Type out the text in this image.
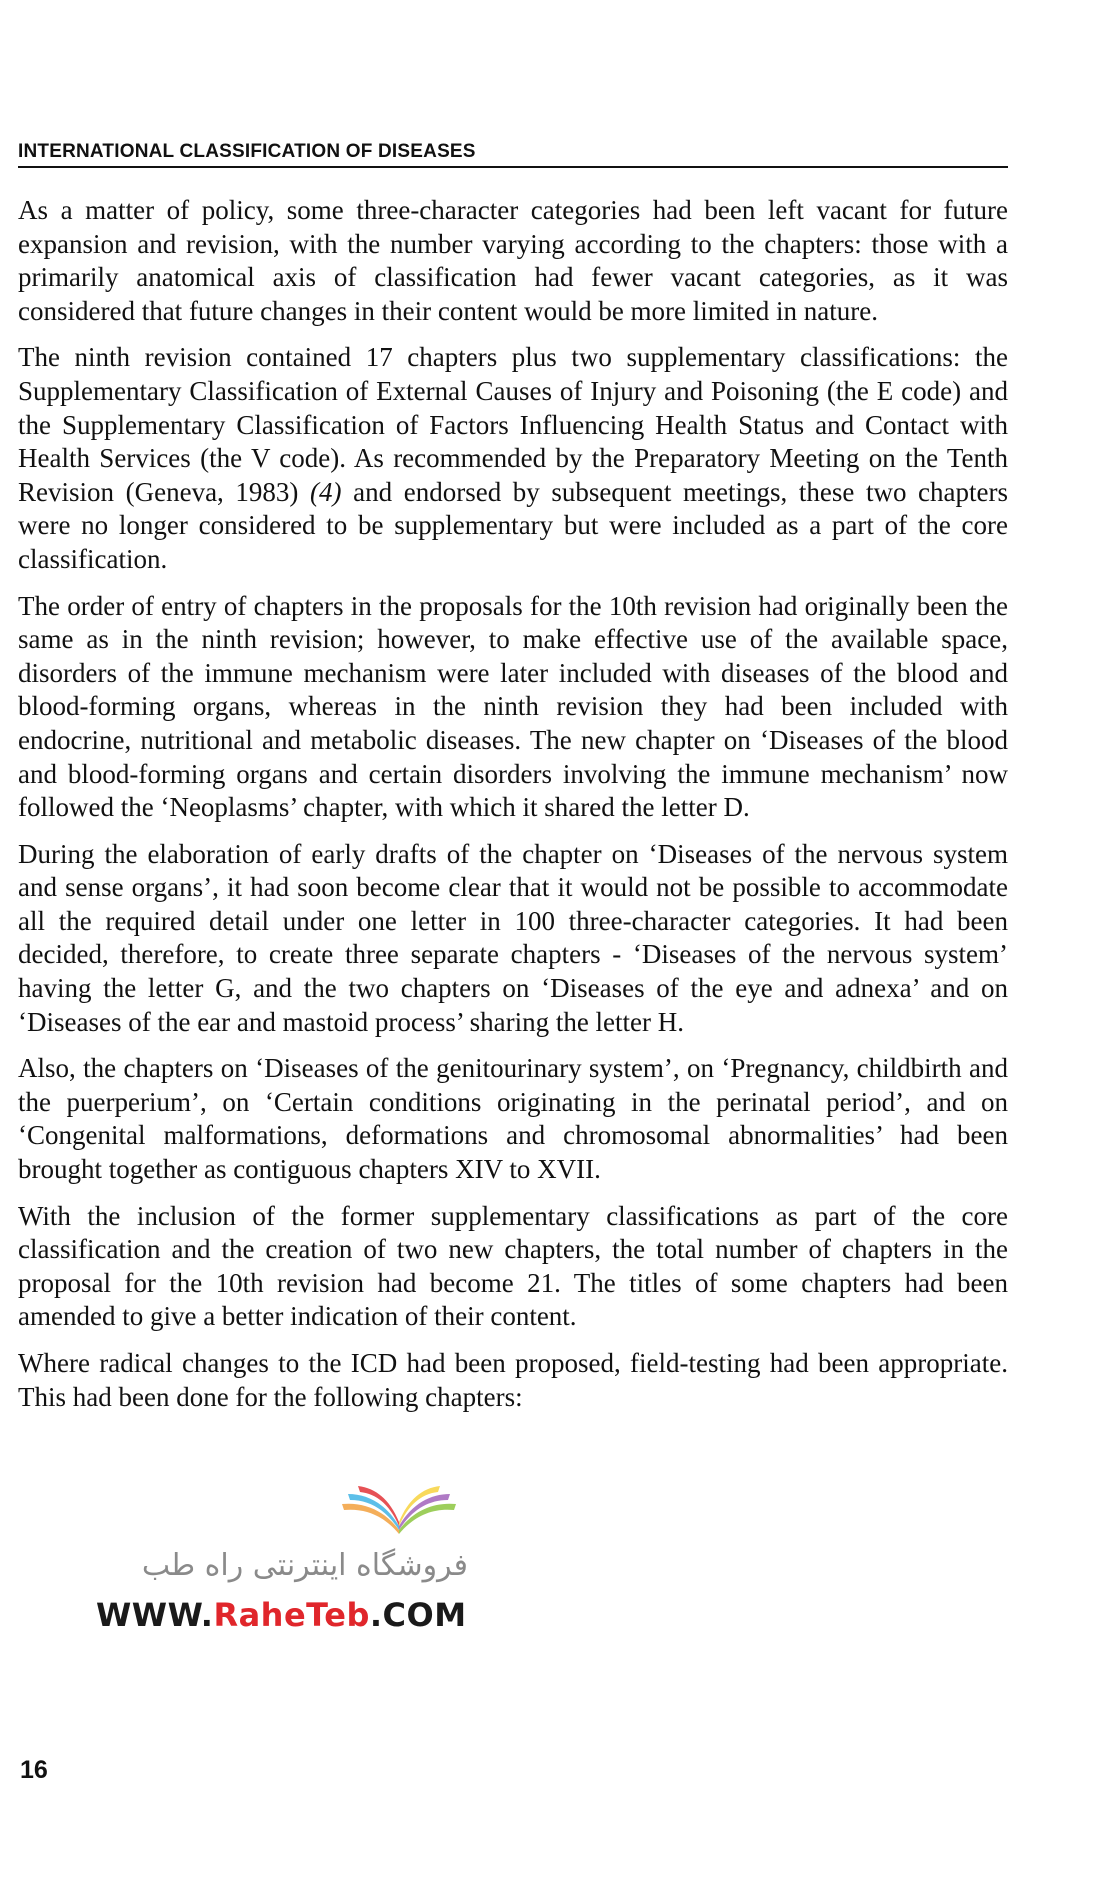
INTERNATIONAL CLASSIFICATION OF DISEASES

As a matter of policy, some three-character categories had been left vacant for future expansion and revision, with the number varying according to the chapters: those with a primarily anatomical axis of classification had fewer vacant categories, as it was considered that future changes in their content would be more limited in nature.

The ninth revision contained 17 chapters plus two supplementary classifications: the Supplementary Classification of External Causes of Injury and Poisoning (the E code) and the Supplementary Classification of Factors Influencing Health Status and Contact with Health Services (the V code). As recommended by the Preparatory Meeting on the Tenth Revision (Geneva, 1983) (4) and endorsed by subsequent meetings, these two chapters were no longer considered to be supplementary but were included as a part of the core classification.

The order of entry of chapters in the proposals for the 10th revision had originally been the same as in the ninth revision; however, to make effective use of the available space, disorders of the immune mechanism were later included with diseases of the blood and blood-forming organs, whereas in the ninth revision they had been included with endocrine, nutritional and metabolic diseases. The new chapter on ‘Diseases of the blood and blood-forming organs and certain disorders involving the immune mechanism’ now followed the ‘Neoplasms’ chapter, with which it shared the letter D.

During the elaboration of early drafts of the chapter on ‘Diseases of the nervous system and sense organs’, it had soon become clear that it would not be possible to accommodate all the required detail under one letter in 100 three-character categories. It had been decided, therefore, to create three separate chapters - ‘Diseases of the nervous system’ having the letter G, and the two chapters on ‘Diseases of the eye and adnexa’ and on ‘Diseases of the ear and mastoid process’ sharing the letter H.

Also, the chapters on ‘Diseases of the genitourinary system’, on ‘Pregnancy, childbirth and the puerperium’, on ‘Certain conditions originating in the perinatal period’, and on ‘Congenital malformations, deformations and chromosomal abnormalities’ had been brought together as contiguous chapters XIV to XVII.

With the inclusion of the former supplementary classifications as part of the core classification and the creation of two new chapters, the total number of chapters in the proposal for the 10th revision had become 21. The titles of some chapters had been amended to give a better indication of their content.

Where radical changes to the ICD had been proposed, field-testing had been appropriate. This had been done for the following chapters:

فروشگاه اینترنتی راه طب
WWW.RaheTeb.COM
16
